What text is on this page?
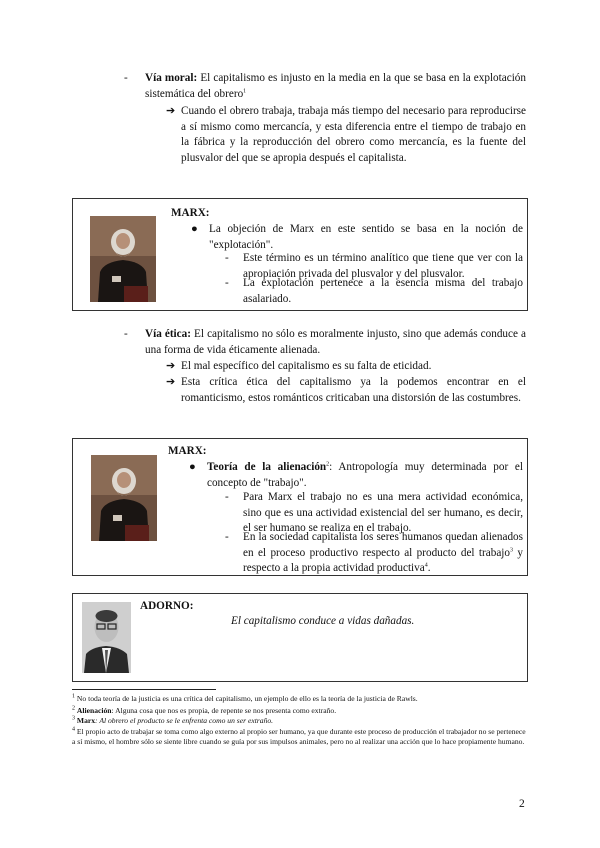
- Vía moral: El capitalismo es injusto en la media en la que se basa en la explotación sistemática del obrero$^1$
➔ Cuando el obrero trabaja, trabaja más tiempo del necesario para reproducirse a sí mismo como mercancía, y esta diferencia entre el tiempo de trabajo en la fábrica y la reproducción del obrero como mercancía, es la fuente del plusvalor del que se apropia después el capitalista.
MARX:
● La objeción de Marx en este sentido se basa en la noción de "explotación".
- Este término es un término analítico que tiene que ver con la apropiación privada del plusvalor y del plusvalor.
- La explotación pertenece a la esencia misma del trabajo asalariado.
- Vía ética: El capitalismo no sólo es moralmente injusto, sino que además conduce a una forma de vida éticamente alienada.
➔ El mal específico del capitalismo es su falta de eticidad.
➔ Esta crítica ética del capitalismo ya la podemos encontrar en el romanticismo, estos románticos criticaban una distorsión de las costumbres.
MARX:
● Teoría de la alienación$^2$: Antropología muy determinada por el concepto de "trabajo".
- Para Marx el trabajo no es una mera actividad económica, sino que es una actividad existencial del ser humano, es decir, el ser humano se realiza en el trabajo.
- En la sociedad capitalista los seres humanos quedan alienados en el proceso productivo respecto al producto del trabajo$^3$ y respecto a la propia actividad productiva$^4$.
ADORNO:
El capitalismo conduce a vidas dañadas.
$^1$ No toda teoría de la justicia es una crítica del capitalismo, un ejemplo de ello es la teoría de la justicia de Rawls.
$^2$ Alienación: Alguna cosa que nos es propia, de repente se nos presenta como extraño.
$^3$ Marx: Al obrero el producto se le enfrenta como un ser extraño.
$^4$ El propio acto de trabajar se toma como algo externo al propio ser humano, ya que durante este proceso de producción el trabajador no se pertenece a sí mismo, el hombre sólo se siente libre cuando se guía por sus impulsos animales, pero no al realizar una acción que lo hace propiamente humano.
2
